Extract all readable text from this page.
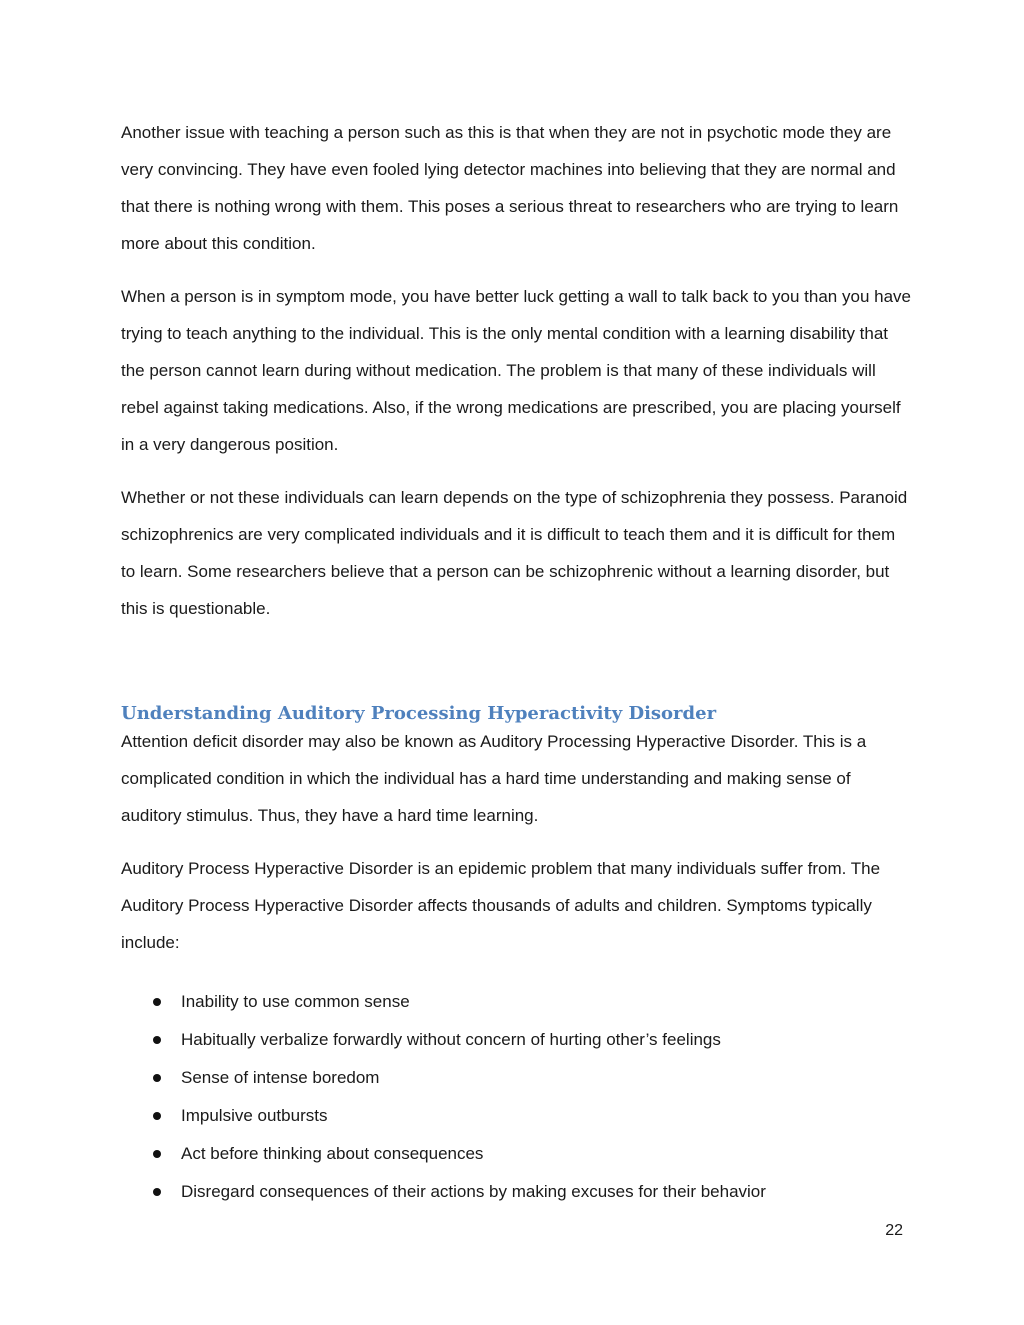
Another issue with teaching a person such as this is that when they are not in psychotic mode they are very convincing. They have even fooled lying detector machines into believing that they are normal and that there is nothing wrong with them. This poses a serious threat to researchers who are trying to learn more about this condition.

When a person is in symptom mode, you have better luck getting a wall to talk back to you than you have trying to teach anything to the individual. This is the only mental condition with a learning disability that the person cannot learn during without medication. The problem is that many of these individuals will rebel against taking medications. Also, if the wrong medications are prescribed, you are placing yourself in a very dangerous position.

Whether or not these individuals can learn depends on the type of schizophrenia they possess. Paranoid schizophrenics are very complicated individuals and it is difficult to teach them and it is difficult for them to learn. Some researchers believe that a person can be schizophrenic without a learning disorder, but this is questionable.

Understanding Auditory Processing Hyperactivity Disorder

Attention deficit disorder may also be known as Auditory Processing Hyperactive Disorder. This is a complicated condition in which the individual has a hard time understanding and making sense of auditory stimulus. Thus, they have a hard time learning.

Auditory Process Hyperactive Disorder is an epidemic problem that many individuals suffer from. The Auditory Process Hyperactive Disorder affects thousands of adults and children. Symptoms typically include:

Inability to use common sense
Habitually verbalize forwardly without concern of hurting other’s feelings
Sense of intense boredom
Impulsive outbursts
Act before thinking about consequences
Disregard consequences of their actions by making excuses for their behavior
22
